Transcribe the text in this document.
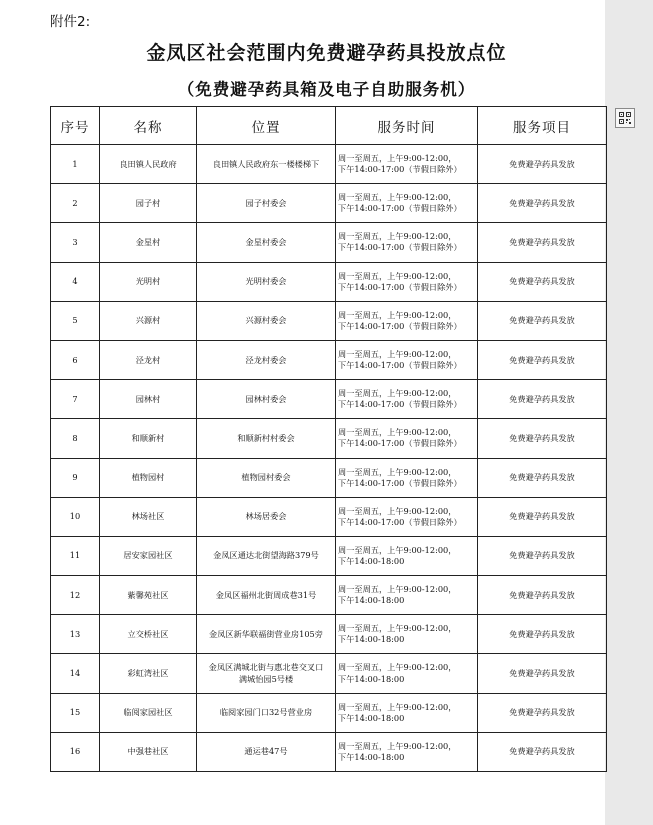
附件2:
金凤区社会范围内免费避孕药具投放点位
（免费避孕药具箱及电子自助服务机）
序号	名称	位置	服务时间	服务项目
1	良田镇人民政府	良田镇人民政府东一楼楼梯下	周一至周五，上午9:00-12:00，
下午14:00-17:00（节假日除外）	免费避孕药具发放
2	园子村	园子村委会	周一至周五，上午9:00-12:00，
下午14:00-17:00（节假日除外）	免费避孕药具发放
3	金星村	金星村委会	周一至周五，上午9:00-12:00，
下午14:00-17:00（节假日除外）	免费避孕药具发放
4	光明村	光明村委会	周一至周五，上午9:00-12:00，
下午14:00-17:00（节假日除外）	免费避孕药具发放
5	兴源村	兴源村委会	周一至周五，上午9:00-12:00，
下午14:00-17:00（节假日除外）	免费避孕药具发放
6	泾龙村	泾龙村委会	周一至周五，上午9:00-12:00，
下午14:00-17:00（节假日除外）	免费避孕药具发放
7	园林村	园林村委会	周一至周五，上午9:00-12:00，
下午14:00-17:00（节假日除外）	免费避孕药具发放
8	和顺新村	和顺新村村委会	周一至周五，上午9:00-12:00，
下午14:00-17:00（节假日除外）	免费避孕药具发放
9	植物园村	植物园村委会	周一至周五，上午9:00-12:00，
下午14:00-17:00（节假日除外）	免费避孕药具发放
10	林场社区	林场居委会	周一至周五，上午9:00-12:00，
下午14:00-17:00（节假日除外）	免费避孕药具发放
11	居安家园社区	金凤区通达北街望海路379号	周一至周五，上午9:00-12:00，
下午14:00-18:00	免费避孕药具发放
12	紫馨苑社区	金凤区福州北街周成巷31号	周一至周五，上午9:00-12:00，
下午14:00-18:00	免费避孕药具发放
13	立交桥社区	金凤区新华联福街营业房105旁	周一至周五，上午9:00-12:00，
下午14:00-18:00	免费避孕药具发放
14	彩虹湾社区	金凤区满城北街与惠北巷交叉口
满城怡园5号楼	周一至周五，上午9:00-12:00，
下午14:00-18:00	免费避孕药具发放
15	临阅家园社区	临阅家园门口32号营业房	周一至周五，上午9:00-12:00，
下午14:00-18:00	免费避孕药具发放
16	中强巷社区	通运巷47号	周一至周五，上午9:00-12:00，
下午14:00-18:00	免费避孕药具发放
